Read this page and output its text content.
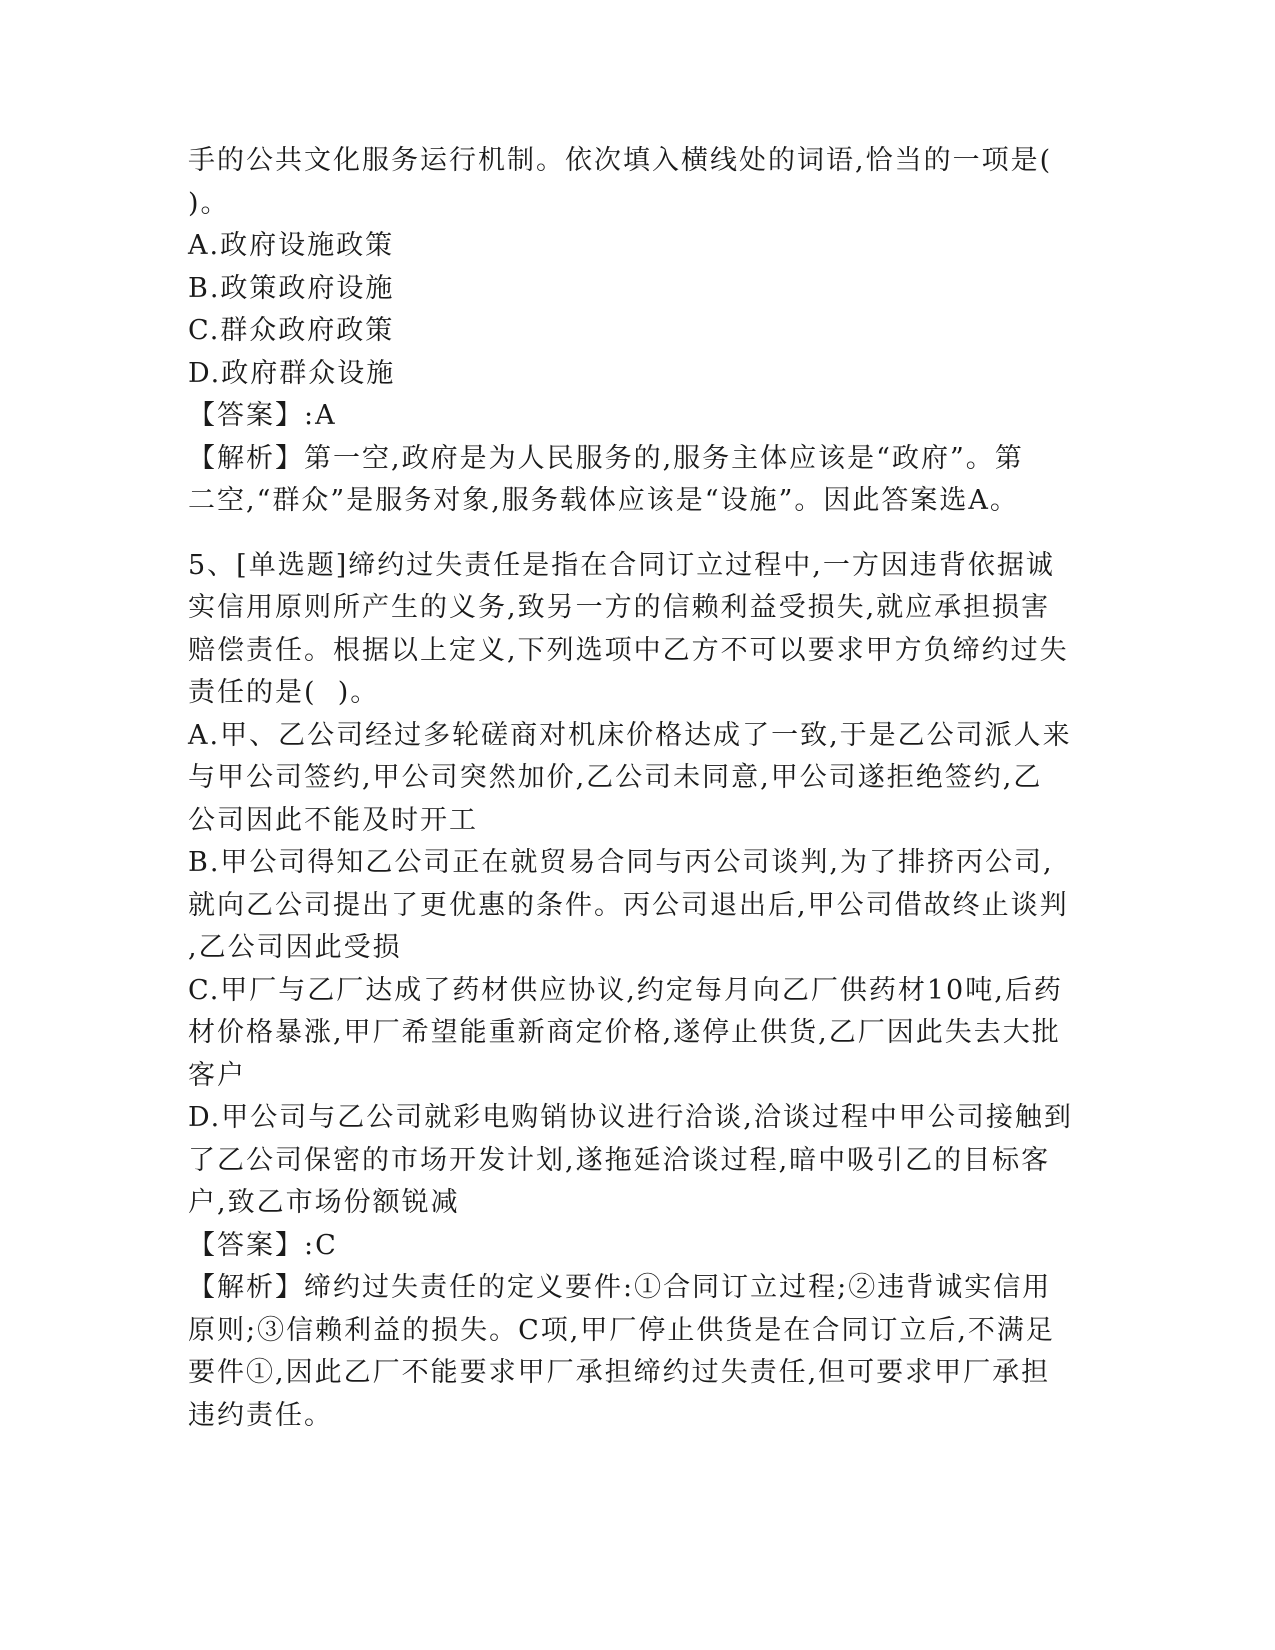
手的公共文化服务运行机制。依次填入横线处的词语,恰当的一项是(
)。
A.政府设施政策
B.政策政府设施
C.群众政府政策
D.政府群众设施
【答案】:A
【解析】第一空,政府是为人民服务的,服务主体应该是“政府”。第
二空,“群众”是服务对象,服务载体应该是“设施”。因此答案选A。
5、[单选题]缔约过失责任是指在合同订立过程中,一方因违背依据诚
实信用原则所产生的义务,致另一方的信赖利益受损失,就应承担损害
赔偿责任。根据以上定义,下列选项中乙方不可以要求甲方负缔约过失
责任的是(  )。
A.甲、乙公司经过多轮磋商对机床价格达成了一致,于是乙公司派人来
与甲公司签约,甲公司突然加价,乙公司未同意,甲公司遂拒绝签约,乙
公司因此不能及时开工
B.甲公司得知乙公司正在就贸易合同与丙公司谈判,为了排挤丙公司,
就向乙公司提出了更优惠的条件。丙公司退出后,甲公司借故终止谈判
,乙公司因此受损
C.甲厂与乙厂达成了药材供应协议,约定每月向乙厂供药材10吨,后药
材价格暴涨,甲厂希望能重新商定价格,遂停止供货,乙厂因此失去大批
客户
D.甲公司与乙公司就彩电购销协议进行洽谈,洽谈过程中甲公司接触到
了乙公司保密的市场开发计划,遂拖延洽谈过程,暗中吸引乙的目标客
户,致乙市场份额锐减
【答案】:C
【解析】缔约过失责任的定义要件:①合同订立过程;②违背诚实信用
原则;③信赖利益的损失。C项,甲厂停止供货是在合同订立后,不满足
要件①,因此乙厂不能要求甲厂承担缔约过失责任,但可要求甲厂承担
违约责任。
